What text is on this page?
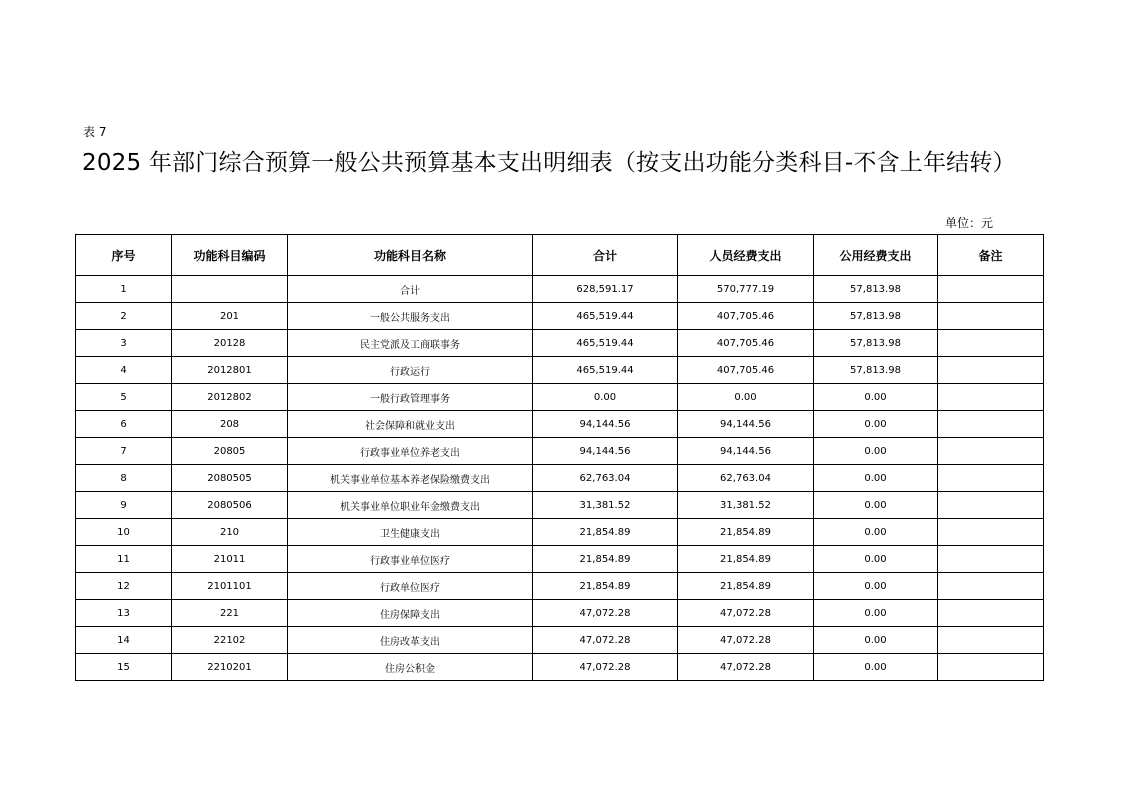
表 7
2025 年部门综合预算一般公共预算基本支出明细表（按支出功能分类科目-不含上年结转）
单位：元
序号	功能科目编码	功能科目名称	合计	人员经费支出	公用经费支出	备注
1		合计	628,591.17	570,777.19	57,813.98	
2	201	一般公共服务支出	465,519.44	407,705.46	57,813.98	
3	20128	民主党派及工商联事务	465,519.44	407,705.46	57,813.98	
4	2012801	行政运行	465,519.44	407,705.46	57,813.98	
5	2012802	一般行政管理事务	0.00	0.00	0.00	
6	208	社会保障和就业支出	94,144.56	94,144.56	0.00	
7	20805	行政事业单位养老支出	94,144.56	94,144.56	0.00	
8	2080505	机关事业单位基本养老保险缴费支出	62,763.04	62,763.04	0.00	
9	2080506	机关事业单位职业年金缴费支出	31,381.52	31,381.52	0.00	
10	210	卫生健康支出	21,854.89	21,854.89	0.00	
11	21011	行政事业单位医疗	21,854.89	21,854.89	0.00	
12	2101101	行政单位医疗	21,854.89	21,854.89	0.00	
13	221	住房保障支出	47,072.28	47,072.28	0.00	
14	22102	住房改革支出	47,072.28	47,072.28	0.00	
15	2210201	住房公积金	47,072.28	47,072.28	0.00	
